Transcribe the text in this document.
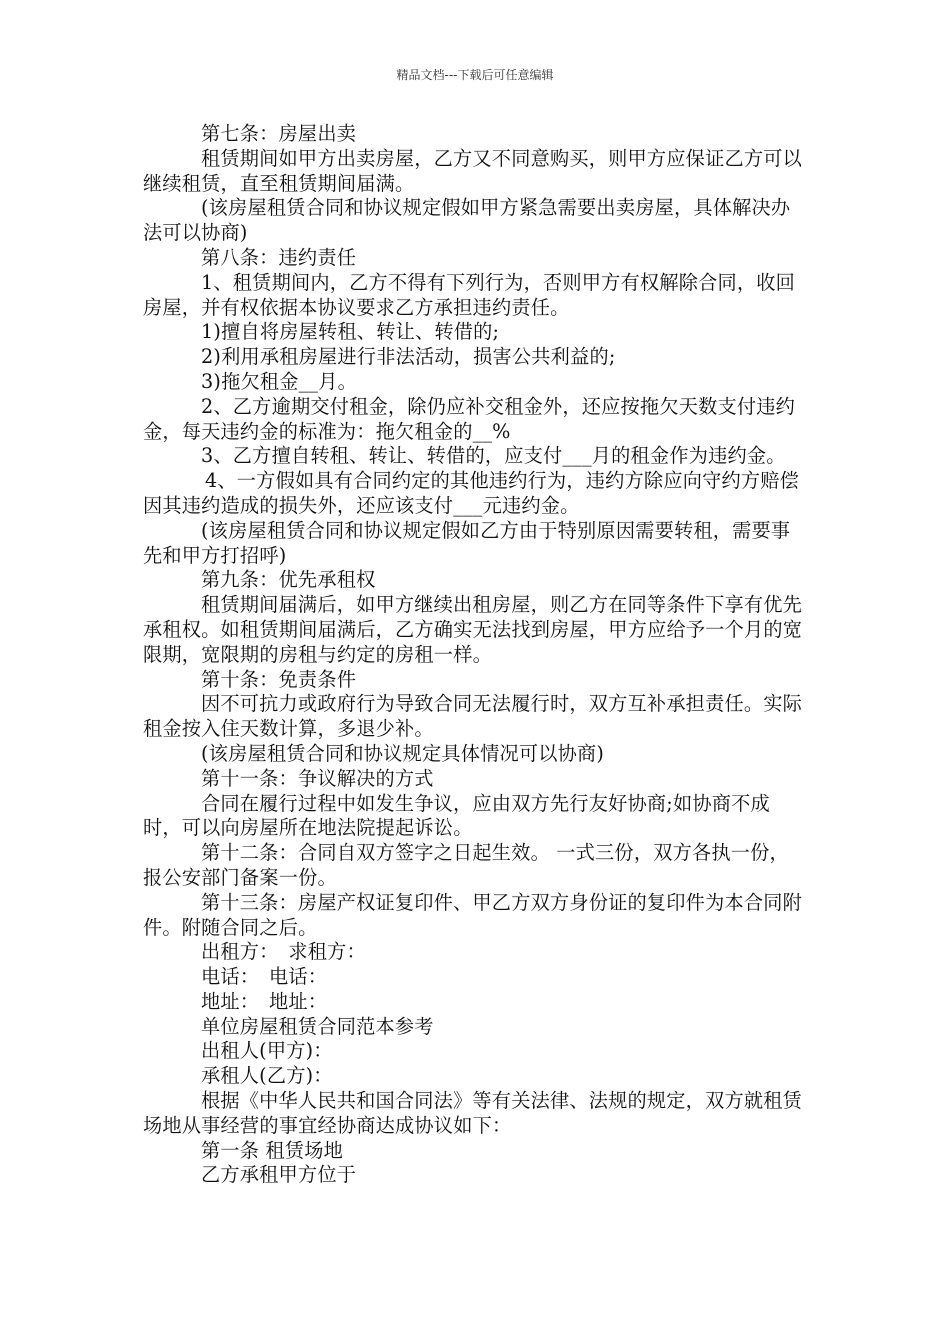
精品文档---下载后可任意编辑

第七条：房屋出卖

租赁期间如甲方出卖房屋，乙方又不同意购买，则甲方应保证乙方可以继续租赁，直至租赁期间届满。

(该房屋租赁合同和协议规定假如甲方紧急需要出卖房屋，具体解决办法可以协商)

第八条：违约责任

1、租赁期间内，乙方不得有下列行为，否则甲方有权解除合同，收回房屋，并有权依据本协议要求乙方承担违约责任。

1)擅自将房屋转租、转让、转借的;

2)利用承租房屋进行非法活动，损害公共利益的;

3)拖欠租金__月。

2、乙方逾期交付租金，除仍应补交租金外，还应按拖欠天数支付违约金，每天违约金的标准为：拖欠租金的__%

3、乙方擅自转租、转让、转借的，应支付___月的租金作为违约金。

4、一方假如具有合同约定的其他违约行为，违约方除应向守约方赔偿因其违约造成的损失外，还应该支付___元违约金。

(该房屋租赁合同和协议规定假如乙方由于特别原因需要转租，需要事先和甲方打招呼)

第九条：优先承租权

租赁期间届满后，如甲方继续出租房屋，则乙方在同等条件下享有优先承租权。如租赁期间届满后，乙方确实无法找到房屋，甲方应给予一个月的宽限期，宽限期的房租与约定的房租一样。

第十条：免责条件

因不可抗力或政府行为导致合同无法履行时，双方互补承担责任。实际租金按入住天数计算，多退少补。

(该房屋租赁合同和协议规定具体情况可以协商)

第十一条：争议解决的方式

合同在履行过程中如发生争议，应由双方先行友好协商;如协商不成时，可以向房屋所在地法院提起诉讼。

第十二条：合同自双方签字之日起生效。 一式三份，双方各执一份，报公安部门备案一份。

第十三条：房屋产权证复印件、甲乙方双方身份证的复印件为本合同附件。附随合同之后。

出租方：　求租方：

电话：　电话：

地址：　地址：

单位房屋租赁合同范本参考

出租人(甲方)：

承租人(乙方)：

根据《中华人民共和国合同法》等有关法律、法规的规定，双方就租赁场地从事经营的事宜经协商达成协议如下：

第一条 租赁场地

乙方承租甲方位于
